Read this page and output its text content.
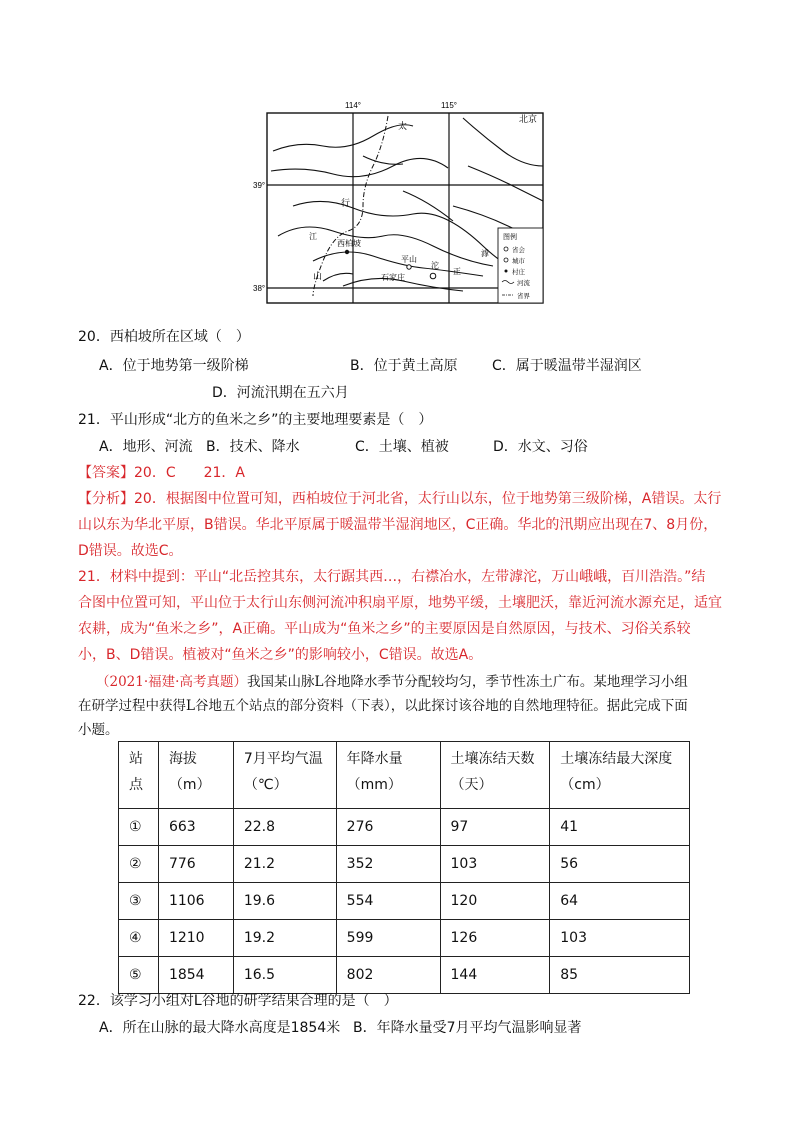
114°	115°
39°
38°
北京
太
行
山
江
西柏坡
平山
石家庄
沱
滹
正
图例
省会
城市
村庄
河流
省界
20．西柏坡所在区域（　）
A．位于地势第一级阶梯	B．位于黄土高原 C．属于暖温带半湿润区
D．河流汛期在五六月
21．平山形成“北方的鱼米之乡”的主要地理要素是（　）
A．地形、河流 B．技术、降水	C．土壤、植被	D．水文、习俗
【答案】20．C　　21．A
【分析】20．根据图中位置可知，西柏坡位于河北省，太行山以东，位于地势第三级阶梯，A错误。太行
山以东为华北平原，B错误。华北平原属于暖温带半湿润地区，C正确。华北的汛期应出现在7、8月份，
D错误。故选C。
21．材料中提到：平山“北岳控其东，太行踞其西…，右襟冶水，左带滹沱，万山峨峨，百川浩浩。”结
合图中位置可知，平山位于太行山东侧河流冲积扇平原，地势平缓，土壤肥沃，靠近河流水源充足，适宜
农耕，成为“鱼米之乡”，A正确。平山成为“鱼米之乡”的主要原因是自然原因，与技术、习俗关系较
小，B、D错误。植被对“鱼米之乡”的影响较小，C错误。故选A。
（2021·福建·高考真题）我国某山脉L谷地降水季节分配较均匀，季节性冻土广布。某地理学习小组
在研学过程中获得L谷地五个站点的部分资料（下表），以此探讨该谷地的自然地理特征。据此完成下面
小题。
站
点	海拔
（m）	7月平均气温
（℃）	年降水量
（mm）	土壤冻结天数
（天）	土壤冻结最大深度
（cm）

①	663	22.8	276	97	41
②	776	21.2	352	103	56
③	1106	19.6	554	120	64
④	1210	19.2	599	126	103
⑤	1854	16.5	802	144	85
22．该学习小组对L谷地的研学结果合理的是（　）
A．所在山脉的最大降水高度是1854米 B．年降水量受7月平均气温影响显著
